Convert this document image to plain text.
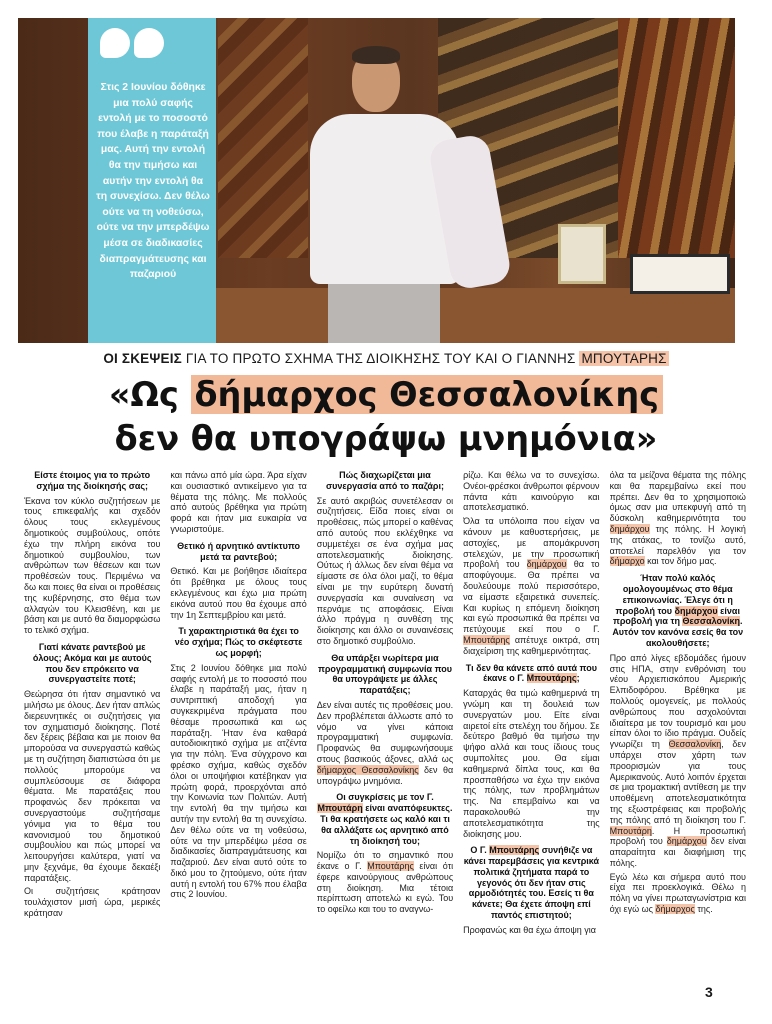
Στις 2 Ιουνίου δόθηκε μια πολύ σαφής εντολή με το ποσοστό που έλαβε η παράταξή μας. Αυτή την εντολή θα την τιμήσω και αυτήν την εντολή θα τη συνεχίσω. Δεν θέλω ούτε να τη νοθεύσω, ούτε να την μπερδέψω μέσα σε διαδικασίες διαπραγμάτευσης και παζαριού

ΟΙ ΣΚΕΨΕΙΣ ΓΙΑ ΤΟ ΠΡΩΤΟ ΣΧΗΜΑ ΤΗΣ ΔΙΟΙΚΗΣΗΣ ΤΟΥ ΚΑΙ Ο ΓΙΑΝΝΗΣ ΜΠΟΥΤΑΡΗΣ
«Ως δήμαρχος Θεσσαλονίκης
δεν θα υπογράψω μνημόνια»

Είστε έτοιμος για το πρώτο σχήμα της διοίκησής σας;

Έκανα τον κύκλο συζητήσεων με τους επικεφαλής και σχεδόν όλους τους εκλεγμένους δημοτικούς συμβούλους, οπότε έχω την πλήρη εικόνα του δημοτικού συμβουλίου, των ανθρώπων των θέσεων και των προθέσεών τους. Περιμένω να δω και ποιες θα είναι οι προθέσεις της κυβέρνησης, στο θέμα των αλλαγών του Κλεισθένη, και με βάση και με αυτό θα διαμορφώσω το τελικό σχήμα.

Γιατί κάνατε ραντεβού με όλους; Ακόμα και με αυτούς που δεν επρόκειτο να συνεργαστείτε ποτέ;

Θεώρησα ότι ήταν σημαντικό να μιλήσω με όλους. Δεν ήταν απλώς διερευνητικές οι συζητήσεις για τον σχηματισμό διοίκησης. Ποτέ δεν ξέρεις βέβαια και με ποιον θα μπορούσα να συνεργαστώ καθώς με τη συζήτηση διαπιστώσα ότι με πολλούς μπορούμε να συμπλεύσουμε σε διάφορα θέματα. Με παρατάξεις που προφανώς δεν πρόκειται να συνεργαστούμε συζητήσαμε γόνιμα για το θέμα του κανονισμού του δημοτικού συμβουλίου και πώς μπορεί να λειτουργήσει καλύτερα, γιατί να μην ξεχνάμε, θα έχουμε δεκαέξι παρατάξεις.

Οι συζητήσεις κράτησαν τουλάχιστον μισή ώρα, μερικές κράτησαν

και πάνω από μία ώρα. Άρα είχαν και ουσιαστικό αντικείμενο για τα θέματα της πόλης. Με πολλούς από αυτούς βρέθηκα για πρώτη φορά και ήταν μια ευκαιρία να γνωριστούμε.

Θετικό ή αρνητικό αντίκτυπο μετά τα ραντεβού;

Θετικό. Και με βοήθησε ιδιαίτερα ότι βρέθηκα με όλους τους εκλεγμένους και έχω μια πρώτη εικόνα αυτού που θα έχουμε από την 1η Σεπτεμβρίου και μετά.

Τι χαρακτηριστικά θα έχει το νέο σχήμα; Πώς το σκέφτεστε ως μορφή;

Στις 2 Ιουνίου δόθηκε μια πολύ σαφής εντολή με το ποσοστό που έλαβε η παράταξή μας, ήταν η συντριπτική αποδοχή για συγκεκριμένα πράγματα που θέσαμε προσωπικά και ως παράταξη. Ήταν ένα καθαρά αυτοδιοικητικό σχήμα με ατζέντα για την πόλη. Ένα σύγχρονο και φρέσκο σχήμα, καθώς σχεδόν όλοι οι υποψήφιοι κατέβηκαν για πρώτη φορά, προερχόνται από την Κοινωνία των Πολιτών. Αυτή την εντολή θα την τιμήσω και αυτήν την εντολή θα τη συνεχίσω. Δεν θέλω ούτε να τη νοθεύσω, ούτε να την μπερδέψω μέσα σε διαδικασίες διαπραγμάτευσης και παζαριού. Δεν είναι αυτό ούτε το δικό μου το ζητούμενο, ούτε ήταν αυτή η εντολή του 67% που έλαβα στις 2 Ιουνίου.

Πώς διαχωρίζεται μια συνεργασία από το παζάρι;

Σε αυτό ακριβώς συνετέλεσαν οι συζητήσεις. Είδα ποιες είναι οι προθέσεις, πώς μπορεί ο καθένας από αυτούς που εκλέχθηκε να συμμετέχει σε ένα σχήμα μας αποτελεσματικής διοίκησης. Ούτως ή άλλως δεν είναι θέμα να είμαστε σε όλα όλοι μαζί, το θέμα είναι με την ευρύτερη δυνατή συνεργασία και συναίνεση να περνάμε τις αποφάσεις. Είναι άλλο πράγμα η συνθέση της διοίκησης και άλλο οι συναινέσεις στο δημοτικό συμβούλιο.

Θα υπάρξει νωρίτερα μια προγραμματική συμφωνία που θα υπογράψετε με άλλες παρατάξεις;

Δεν είναι αυτές τις προθέσεις μου. Δεν προβλέπεται άλλωστε από το νόμο να γίνει κάποια προγραμματική συμφωνία. Προφανώς θα συμφωνήσουμε στους βασικούς άξονες, αλλά ως δήμαρχος Θεσσαλονίκης δεν θα υπογράψω μνημόνια.

Οι συγκρίσεις με τον Γ. Μπουτάρη είναι αναπόφευκτες. Τι θα κρατήσετε ως καλό και τι θα αλλάξατε ως αρνητικό από τη διοίκησή του;

Νομίζω ότι το σημαντικό που έκανε ο Γ. Μπουτάρης είναι ότι έφερε καινούργιους ανθρώπους στη διοίκηση. Μια τέτοια περίπτωση αποτελώ κι εγώ. Του το οφείλω και του το αναγνω-

ρίζω. Και θέλω να το συνεχίσω. Ονέοι-φρέσκοι άνθρωποι φέρνουν πάντα κάτι καινούργιο και αποτελεσματικό.

Όλα τα υπόλοιπα που είχαν να κάνουν με καθυστερήσεις, με αστοχίες, με απομάκρυνση στελεχών, με την προσωπική προβολή του δημάρχου θα το αποφύγουμε. Θα πρέπει να δουλεύουμε πολύ περισσότερο, να είμαστε εξαιρετικά συνεπείς. Και κυρίως η επόμενη διοίκηση και εγώ προσωπικά θα πρέπει να πετύχουμε εκεί που ο Γ. Μπουτάρης απέτυχε οικτρά, στη διαχείριση της καθημερινότητας.

Τι δεν θα κάνετε από αυτά που έκανε ο Γ. Μπουτάρης;

Καταρχάς θα τιμώ καθημερινά τη γνώμη και τη δουλειά των συνεργατών μου. Είτε είναι αιρετοί είτε στελέχη του δήμου. Σε δεύτερο βαθμό θα τιμήσω την ψήφο αλλά και τους ίδιους τους συμπολίτες μου. Θα είμαι καθημερινά δίπλα τους, και θα προσπαθήσω να έχω την εικόνα της πόλης, των προβλημάτων της. Να επεμβαίνω και να παρακολουθώ την αποτελεσματικότητα της διοίκησης μου.

Ο Γ. Μπουτάρης συνήθιζε να κάνει παρεμβάσεις για κεντρικά πολιτικά ζητήματα παρά το γεγονός ότι δεν ήταν στις αρμοδιότητές του. Εσείς τι θα κάνετε; Θα έχετε άποψη επί παντός επιστητού;

Προφανώς και θα έχω άποψη για

όλα τα μείζονα θέματα της πόλης και θα παρεμβαίνω εκεί που πρέπει. Δεν θα το χρησιμοποιώ όμως σαν μια υπεκφυγή από τη δύσκολη καθημερινότητα του δημάρχου της πόλης. Η λογική της ατάκας, το τονίζω αυτό, αποτελεί παρελθόν για τον δήμαρχο και τον δήμο μας.

Ήταν πολύ καλός ομολογουμένως στο θέμα επικοινωνίας. Έλεγε ότι η προβολή του δημάρχου είναι προβολή για τη Θεσσαλονίκη. Αυτόν τον κανόνα εσείς θα τον ακολουθήσετε;

Προ από λίγες εβδομάδες ήμουν στις ΗΠΑ, στην ενθρόνιση του νέου Αρχιεπισκόπου Αμερικής Ελπιδοφόρου. Βρέθηκα με πολλούς ομογενείς, με πολλούς ανθρώπους που ασχολούνται ιδιαίτερα με τον τουρισμό και μου είπαν όλοι το ίδιο πράγμα. Ουδείς γνωρίζει τη Θεσσαλονίκη, δεν υπάρχει στον χάρτη των προορισμών για τους Αμερικανούς. Αυτό λοιπόν έρχεται σε μια τρομακτική αντίθεση με την υποθέμενη αποτελεσματικότητα της εξωστρέφειας και προβολής της πόλης από τη διοίκηση του Γ. Μπουτάρη. Η προσωπική προβολή του δημάρχου δεν είναι απαραίτητα και διαφήμιση της πόλης.

Εγώ λέω και σήμερα αυτό που είχα πει προεκλογικά. Θέλω η πόλη να γίνει πρωταγωνίστρια και όχι εγώ ως δήμαρχος της.

3
